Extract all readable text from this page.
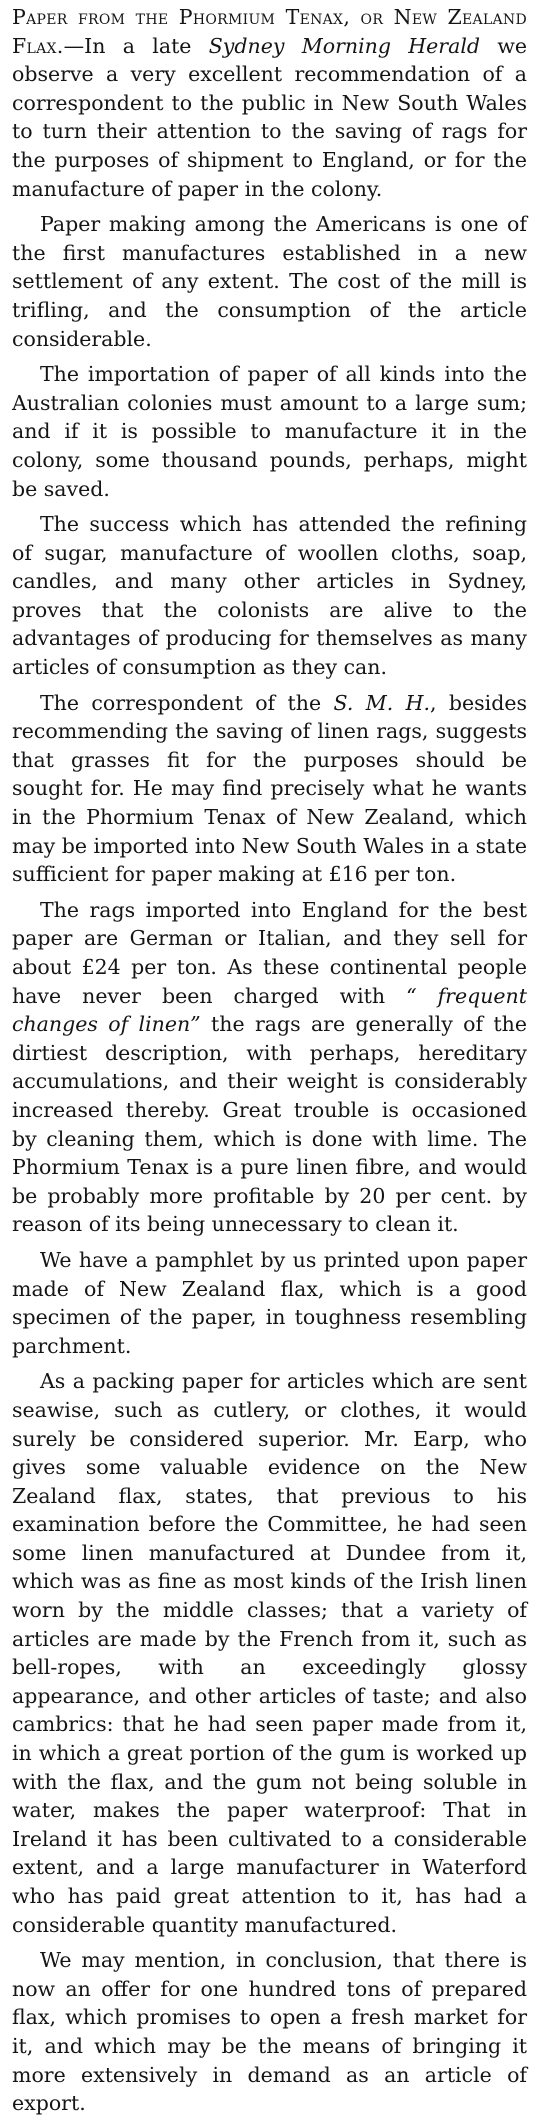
Paper from the Phormium Tenax, or New Zealand Flax.—In a late Sydney Morning Herald we observe a very excellent recommendation of a correspondent to the public in New South Wales to turn their attention to the saving of rags for the purposes of shipment to England, or for the manufacture of paper in the colony.

Paper making among the Americans is one of the first manufactures established in a new settlement of any extent. The cost of the mill is trifling, and the consumption of the article considerable.

The importation of paper of all kinds into the Australian colonies must amount to a large sum; and if it is possible to manufacture it in the colony, some thousand pounds, perhaps, might be saved.

The success which has attended the refining of sugar, manufacture of woollen cloths, soap, candles, and many other articles in Sydney, proves that the colonists are alive to the advantages of producing for themselves as many articles of consumption as they can.

The correspondent of the S. M. H., besides recommending the saving of linen rags, suggests that grasses fit for the purposes should be sought for. He may find precisely what he wants in the Phormium Tenax of New Zealand, which may be imported into New South Wales in a state sufficient for paper making at £16 per ton.

The rags imported into England for the best paper are German or Italian, and they sell for about £24 per ton. As these continental people have never been charged with “ frequent changes of linen” the rags are generally of the dirtiest description, with perhaps, hereditary accumulations, and their weight is considerably increased thereby. Great trouble is occasioned by cleaning them, which is done with lime. The Phormium Tenax is a pure linen fibre, and would be probably more profitable by 20 per cent. by reason of its being unnecessary to clean it.

We have a pamphlet by us printed upon paper made of New Zealand flax, which is a good specimen of the paper, in toughness resembling parchment.

As a packing paper for articles which are sent seawise, such as cutlery, or clothes, it would surely be considered superior. Mr. Earp, who gives some valuable evidence on the New Zealand flax, states, that previous to his examination before the Committee, he had seen some linen manufactured at Dundee from it, which was as fine as most kinds of the Irish linen worn by the middle classes; that a variety of articles are made by the French from it, such as bell-ropes, with an exceedingly glossy appearance, and other articles of taste; and also cambrics: that he had seen paper made from it, in which a great portion of the gum is worked up with the flax, and the gum not being soluble in water, makes the paper waterproof: That in Ireland it has been cultivated to a considerable extent, and a large manufacturer in Waterford who has paid great attention to it, has had a considerable quantity manufactured.

We may mention, in conclusion, that there is now an offer for one hundred tons of prepared flax, which promises to open a fresh market for it, and which may be the means of bringing it more extensively in demand as an article of export.
